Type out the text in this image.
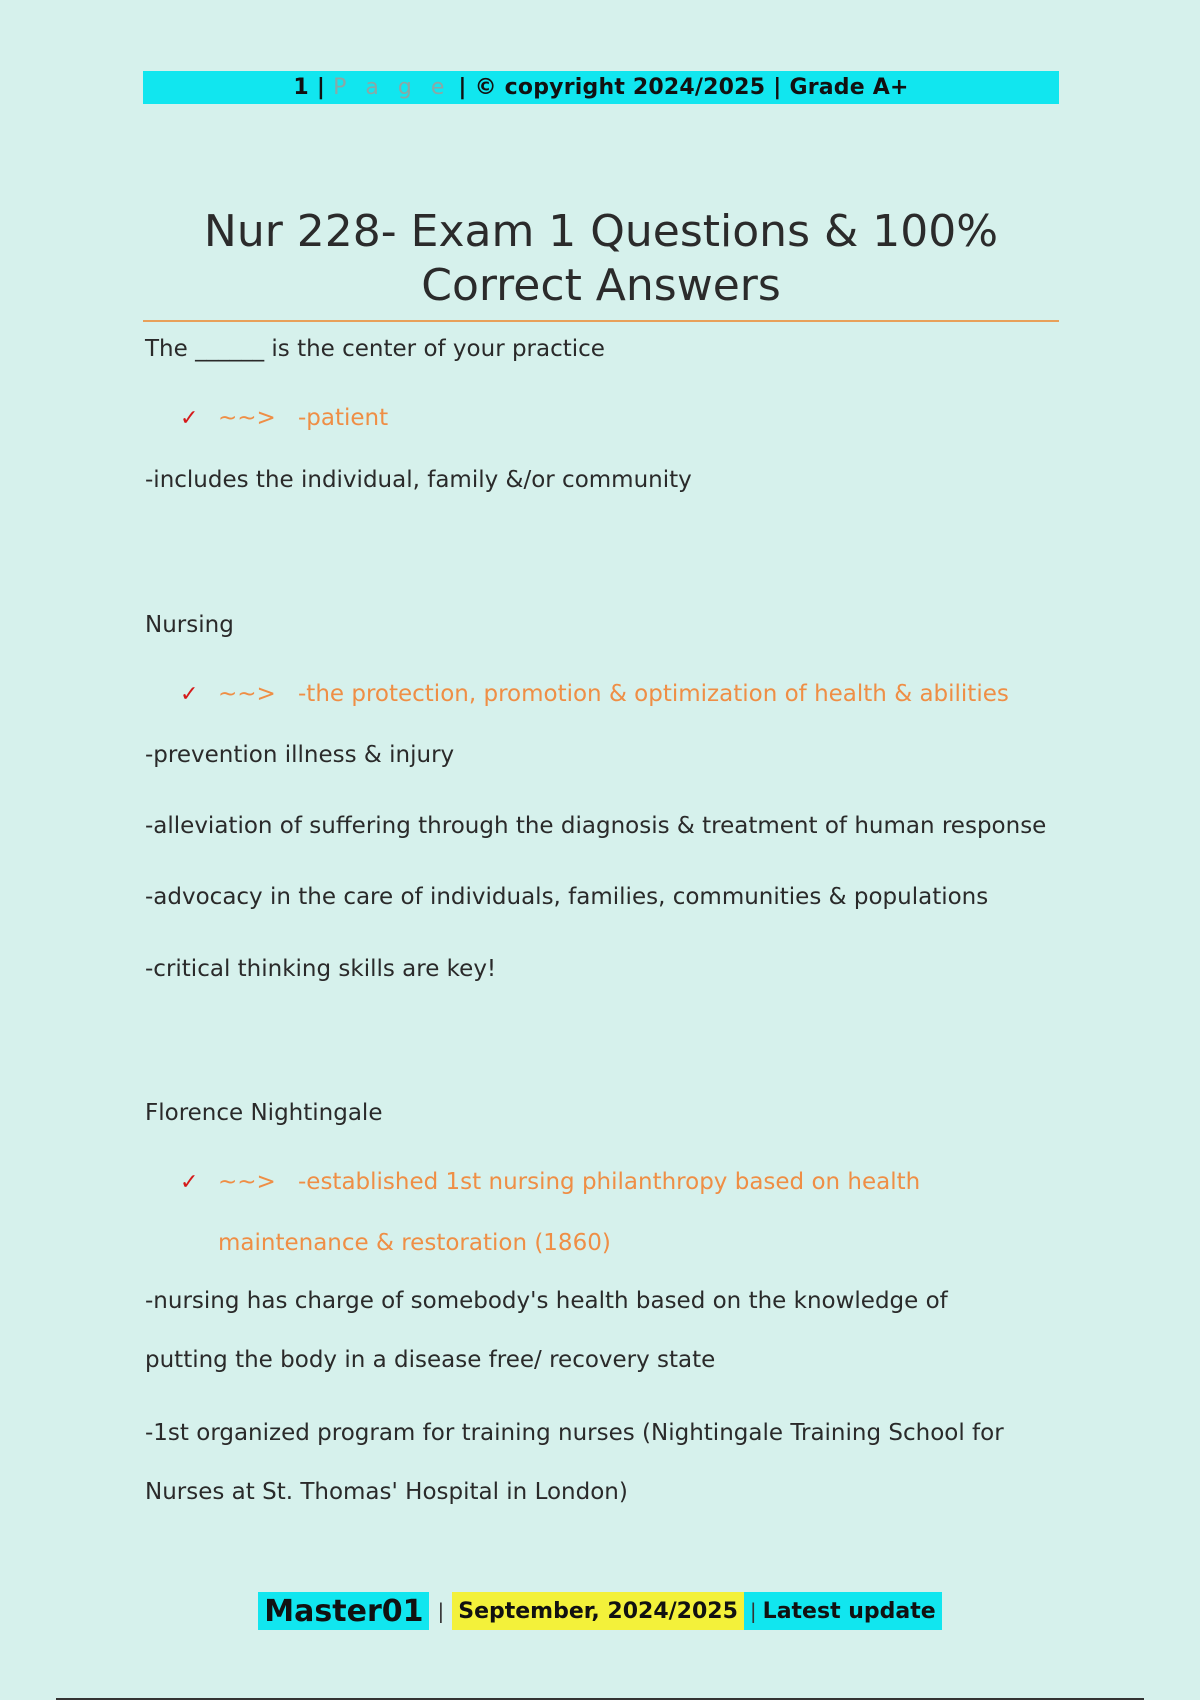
1 | P a g e | © copyright 2024/2025 | Grade A+
Nur 228- Exam 1 Questions & 100% Correct Answers
The ______ is the center of your practice
✓ ~~> -patient
-includes the individual, family &/or community
Nursing
✓ ~~> -the protection, promotion & optimization of health & abilities
-prevention illness & injury
-alleviation of suffering through the diagnosis & treatment of human response
-advocacy in the care of individuals, families, communities & populations
-critical thinking skills are key!
Florence Nightingale
✓ ~~> -established 1st nursing philanthropy based on health
maintenance & restoration (1860)
-nursing has charge of somebody's health based on the knowledge of
putting the body in a disease free/ recovery state
-1st organized program for training nurses (Nightingale Training School for
Nurses at St. Thomas' Hospital in London)
Master01 | September, 2024/2025 | Latest update
